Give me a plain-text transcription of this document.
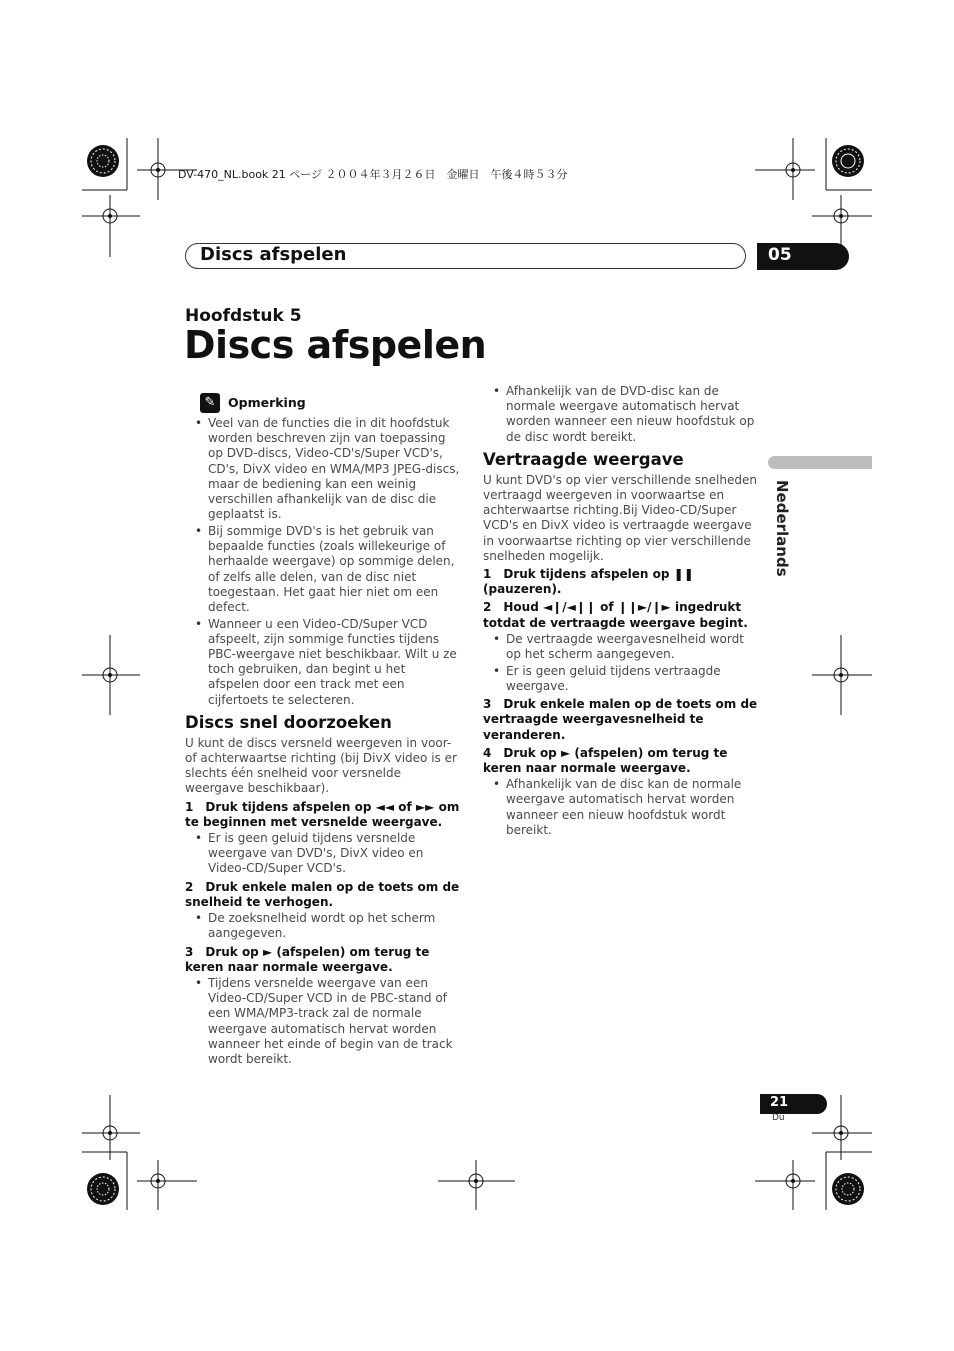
DV-470_NL.book 21 ページ ２００４年３月２６日　金曜日　午後４時５３分
Discs afspelen	05
Hoofdstuk 5
Discs afspelen
Nederlands
✎	Opmerking
• Veel van de functies die in dit hoofdstuk worden beschreven zijn van toepassing op DVD-discs, Video-CD's/Super VCD's, CD's, DivX video en WMA/MP3 JPEG-discs, maar de bediening kan een weinig verschillen afhankelijk van de disc die geplaatst is.
• Bij sommige DVD's is het gebruik van bepaalde functies (zoals willekeurige of herhaalde weergave) op sommige delen, of zelfs alle delen, van de disc niet toegestaan. Het gaat hier niet om een defect.
• Wanneer u een Video-CD/Super VCD afspeelt, zijn sommige functies tijdens PBC-weergave niet beschikbaar. Wilt u ze toch gebruiken, dan begint u het afspelen door een track met een cijfertoets te selecteren.
Discs snel doorzoeken

U kunt de discs versneld weergeven in voor- of achterwaartse richting (bij DivX video is er slechts één snelheid voor versnelde weergave beschikbaar).

1 Druk tijdens afspelen op ◄◄ of ►► om te beginnen met versnelde weergave.
• Er is geen geluid tijdens versnelde weergave van DVD's, DivX video en Video-CD/Super VCD's.
2 Druk enkele malen op de toets om de snelheid te verhogen.
• De zoeksnelheid wordt op het scherm aangegeven.
3 Druk op ► (afspelen) om terug te keren naar normale weergave.
• Tijdens versnelde weergave van een Video-CD/Super VCD in de PBC-stand of een WMA/MP3-track zal de normale weergave automatisch hervat worden wanneer het einde of begin van de track wordt bereikt.
• Afhankelijk van de DVD-disc kan de normale weergave automatisch hervat worden wanneer een nieuw hoofdstuk op de disc wordt bereikt.
Vertraagde weergave

U kunt DVD's op vier verschillende snelheden vertraagd weergeven in voorwaartse en achterwaartse richting.Bij Video-CD/Super VCD's en DivX video is vertraagde weergave in voorwaartse richting op vier verschillende snelheden mogelijk.

1 Druk tijdens afspelen op ❚❚ (pauzeren).
2 Houd ◄❙/◄❙❙ of ❙❙►/❙► ingedrukt totdat de vertraagde weergave begint.
• De vertraagde weergavesnelheid wordt op het scherm aangegeven.
• Er is geen geluid tijdens vertraagde weergave.
3 Druk enkele malen op de toets om de vertraagde weergavesnelheid te veranderen.
4 Druk op ► (afspelen) om terug te keren naar normale weergave.
• Afhankelijk van de disc kan de normale weergave automatisch hervat worden wanneer een nieuw hoofdstuk wordt bereikt.
21
Du
